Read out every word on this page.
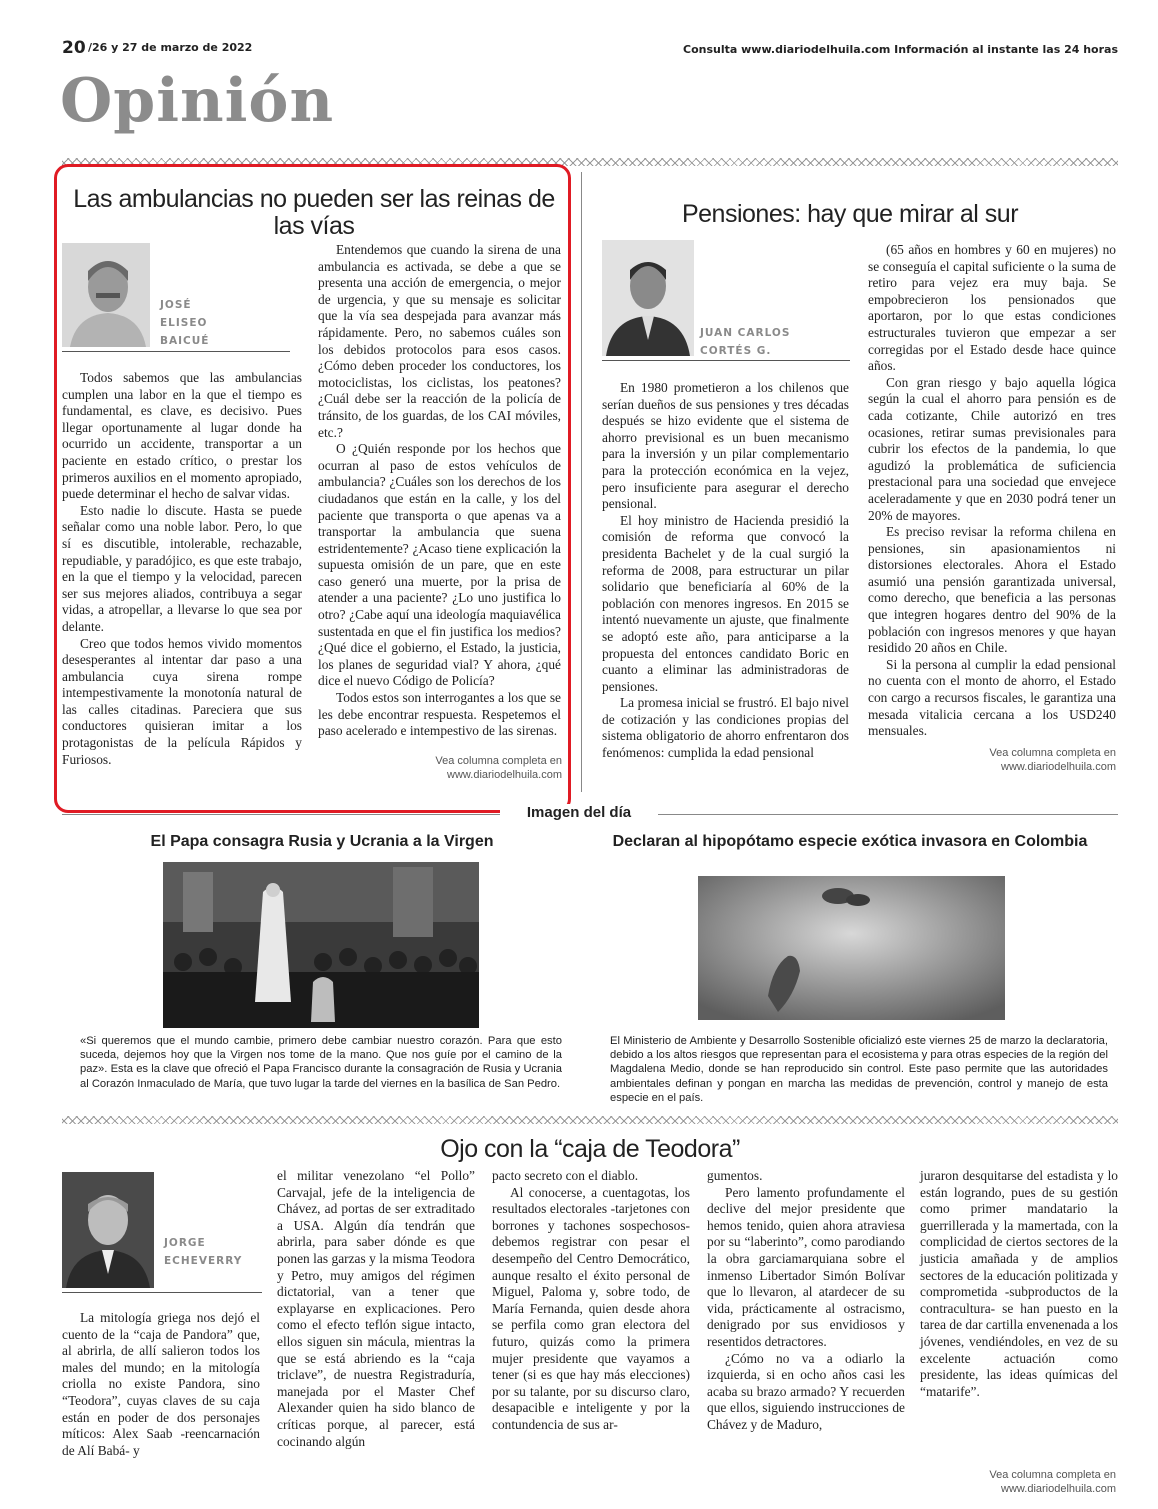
20 /26 y 27 de marzo de 2022	Consulta www.diariodelhuila.com Información al instante las 24 horas
Opinión
Las ambulancias no pueden ser las reinas de las vías
JOSÉ
ELISEO
BAICUÉ

Todos sabemos que las ambulancias cumplen una labor en la que el tiempo es fundamental, es clave, es decisivo. Pues llegar oportunamente al lugar donde ha ocurrido un accidente, transportar a un paciente en estado crítico, o prestar los primeros auxilios en el momento apropiado, puede determinar el hecho de salvar vidas.

Esto nadie lo discute. Hasta se puede señalar como una noble labor. Pero, lo que sí es discutible, intolerable, rechazable, repudiable, y paradójico, es que este trabajo, en la que el tiempo y la velocidad, parecen ser sus mejores aliados, contribuya a segar vidas, a atropellar, a llevarse lo que sea por delante.

Creo que todos hemos vivido momentos desesperantes al intentar dar paso a una ambulancia cuya sirena rompe intempestivamente la monotonía natural de las calles citadinas. Pareciera que sus conductores quisieran imitar a los protagonistas de la película Rápidos y Furiosos.

Entendemos que cuando la sirena de una ambulancia es activada, se debe a que se presenta una acción de emergencia, o mejor de urgencia, y que su mensaje es solicitar que la vía sea despejada para avanzar más rápidamente. Pero, no sabemos cuáles son los debidos protocolos para esos casos. ¿Cómo deben proceder los conductores, los motociclistas, los ciclistas, los peatones? ¿Cuál debe ser la reacción de la policía de tránsito, de los guardas, de los CAI móviles, etc.?

O ¿Quién responde por los hechos que ocurran al paso de estos vehículos de ambulancia? ¿Cuáles son los derechos de los ciudadanos que están en la calle, y los del paciente que transporta o que apenas va a transportar la ambulancia que suena estridentemente? ¿Acaso tiene explicación la supuesta omisión de un pare, que en este caso generó una muerte, por la prisa de atender a una paciente? ¿Lo uno justifica lo otro? ¿Cabe aquí una ideología maquiavélica sustentada en que el fin justifica los medios? ¿Qué dice el gobierno, el Estado, la justicia, los planes de seguridad vial? Y ahora, ¿qué dice el nuevo Código de Policía?

Todos estos son interrogantes a los que se les debe encontrar respuesta. Respetemos el paso acelerado e intempestivo de las sirenas.

Vea columna completa en
www.diariodelhuila.com
Pensiones: hay que mirar al sur
JUAN CARLOS
CORTÉS G.

En 1980 prometieron a los chilenos que serían dueños de sus pensiones y tres décadas después se hizo evidente que el sistema de ahorro previsional es un buen mecanismo para la inversión y un pilar complementario para la protección económica en la vejez, pero insuficiente para asegurar el derecho pensional.

El hoy ministro de Hacienda presidió la comisión de reforma que convocó la presidenta Bachelet y de la cual surgió la reforma de 2008, para estructurar un pilar solidario que beneficiaría al 60% de la población con menores ingresos. En 2015 se intentó nuevamente un ajuste, que finalmente se adoptó este año, para anticiparse a la propuesta del entonces candidato Boric en cuanto a eliminar las administradoras de pensiones.

La promesa inicial se frustró. El bajo nivel de cotización y las condiciones propias del sistema obligatorio de ahorro enfrentaron dos fenómenos: cumplida la edad pensional

(65 años en hombres y 60 en mujeres) no se conseguía el capital suficiente o la suma de retiro para vejez era muy baja. Se empobrecieron los pensionados que aportaron, por lo que estas condiciones estructurales tuvieron que empezar a ser corregidas por el Estado desde hace quince años.

Con gran riesgo y bajo aquella lógica según la cual el ahorro para pensión es de cada cotizante, Chile autorizó en tres ocasiones, retirar sumas previsionales para cubrir los efectos de la pandemia, lo que agudizó la problemática de suficiencia prestacional para una sociedad que envejece aceleradamente y que en 2030 podrá tener un 20% de mayores.

Es preciso revisar la reforma chilena en pensiones, sin apasionamientos ni distorsiones electorales. Ahora el Estado asumió una pensión garantizada universal, como derecho, que beneficia a las personas que integren hogares dentro del 90% de la población con ingresos menores y que hayan residido 20 años en Chile.

Si la persona al cumplir la edad pensional no cuenta con el monto de ahorro, el Estado con cargo a recursos fiscales, le garantiza una mesada vitalicia cercana a los USD240 mensuales.

Vea columna completa en
www.diariodelhuila.com
Imagen del día
El Papa consagra Rusia y Ucrania a la Virgen
«Si queremos que el mundo cambie, primero debe cambiar nuestro corazón. Para que esto suceda, dejemos hoy que la Virgen nos tome de la mano. Que nos guíe por el camino de la paz». Esta es la clave que ofreció el Papa Francisco durante la consagración de Rusia y Ucrania al Corazón Inmaculado de María, que tuvo lugar la tarde del viernes en la basílica de San Pedro.
Declaran al hipopótamo especie exótica invasora en Colombia
El Ministerio de Ambiente y Desarrollo Sostenible oficializó este viernes 25 de marzo la declaratoria, debido a los altos riesgos que representan para el ecosistema y para otras especies de la región del Magdalena Medio, donde se han reproducido sin control. Este paso permite que las autoridades ambientales definan y pongan en marcha las medidas de prevención, control y manejo de esta especie en el país.
Ojo con la “caja de Teodora”
JORGE
ECHEVERRY

La mitología griega nos dejó el cuento de la “caja de Pandora” que, al abrirla, de allí salieron todos los males del mundo; en la mitología criolla no existe Pandora, sino “Teodora”, cuyas claves de su caja están en poder de dos personajes míticos: Alex Saab -reencarnación de Alí Babá- y

el militar venezolano “el Pollo” Carvajal, jefe de la inteligencia de Chávez, ad portas de ser extraditado a USA. Algún día tendrán que abrirla, para saber dónde es que ponen las garzas y la misma Teodora y Petro, muy amigos del régimen dictatorial, van a tener que explayarse en explicaciones. Pero como el efecto teflón sigue intacto, ellos siguen sin mácula, mientras la que se está abriendo es la “caja triclave”, de nuestra Registraduría, manejada por el Master Chef Alexander quien ha sido blanco de críticas porque, al parecer, está cocinando algún

pacto secreto con el diablo.

Al conocerse, a cuentagotas, los resultados electorales -tarjetones con borrones y tachones sospechosos- debemos registrar con pesar el desempeño del Centro Democrático, aunque resalto el éxito personal de Miguel, Paloma y, sobre todo, de María Fernanda, quien desde ahora se perfila como gran electora del futuro, quizás como la primera mujer presidente que vayamos a tener (si es que hay más elecciones) por su talante, por su discurso claro, desapacible e inteligente y por la contundencia de sus ar-

gumentos.

Pero lamento profundamente el declive del mejor presidente que hemos tenido, quien ahora atraviesa por su “laberinto”, como parodiando la obra garciamarquiana sobre el inmenso Libertador Simón Bolívar que lo llevaron, al atardecer de su vida, prácticamente al ostracismo, denigrado por sus envidiosos y resentidos detractores.

¿Cómo no va a odiarlo la izquierda, si en ocho años casi les acaba su brazo armado? Y recuerden que ellos, siguiendo instrucciones de Chávez y de Maduro,

juraron desquitarse del estadista y lo están logrando, pues de su gestión como primer mandatario la guerrillerada y la mamertada, con la complicidad de ciertos sectores de la justicia amañada y de amplios sectores de la educación politizada y comprometida -subproductos de la contracultura- se han puesto en la tarea de dar cartilla envenenada a los jóvenes, vendiéndoles, en vez de su excelente actuación como presidente, las ideas químicas del “matarife”.

Vea columna completa en
www.diariodelhuila.com
